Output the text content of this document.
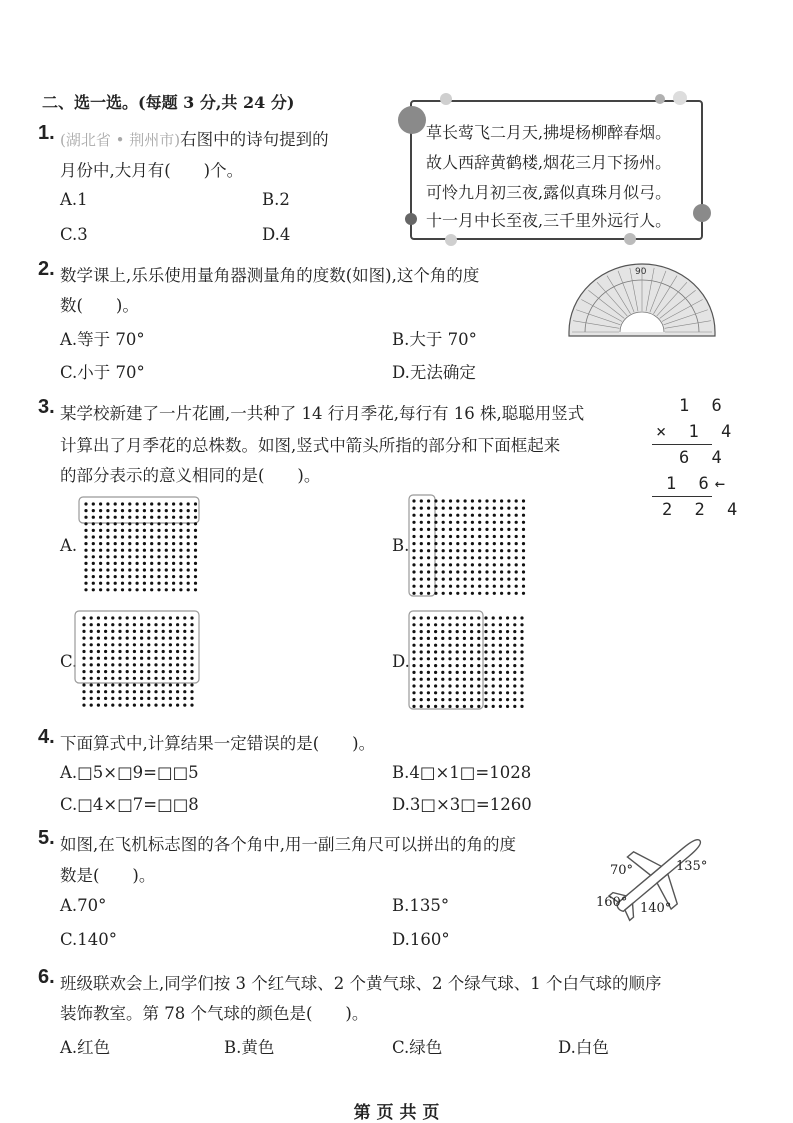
二、选一选。(每题 3 分,共 24 分)
1. (湖北省 • 荆州市)右图中的诗句提到的
月份中,大月有(　　)个。
A.1	B.2
C.3	D.4
草长莺飞二月天,拂堤杨柳醉春烟。
故人西辞黄鹤楼,烟花三月下扬州。
可怜九月初三夜,露似真珠月似弓。
十一月中长至夜,三千里外远行人。
2. 数学课上,乐乐使用量角器测量角的度数(如图),这个角的度
数(　　)。
A.等于 70°	B.大于 70°
C.小于 70°	D.无法确定
90
3. 某学校新建了一片花圃,一共种了 14 行月季花,每行有 16 株,聪聪用竖式
计算出了月季花的总株数。如图,竖式中箭头所指的部分和下面框起来
的部分表示的意义相同的是(　　)。
1 6
× 1 4
6 4
1 6←
2 2 4
A.	B.
C.	D.
4. 下面算式中,计算结果一定错误的是(　　)。
A.□5×□9=□□5	B.4□×1□=1028
C.□4×□7=□□8	D.3□×3□=1260
5. 如图,在飞机标志图的各个角中,用一副三角尺可以拼出的角的度
数是(　　)。
A.70°	B.135°
C.140°	D.160°
70°	135°
160° 140°
6. 班级联欢会上,同学们按 3 个红气球、2 个黄气球、2 个绿气球、1 个白气球的顺序
装饰教室。第 78 个气球的颜色是(　　)。
A.红色	B.黄色	C.绿色	D.白色
第 页 共 页
